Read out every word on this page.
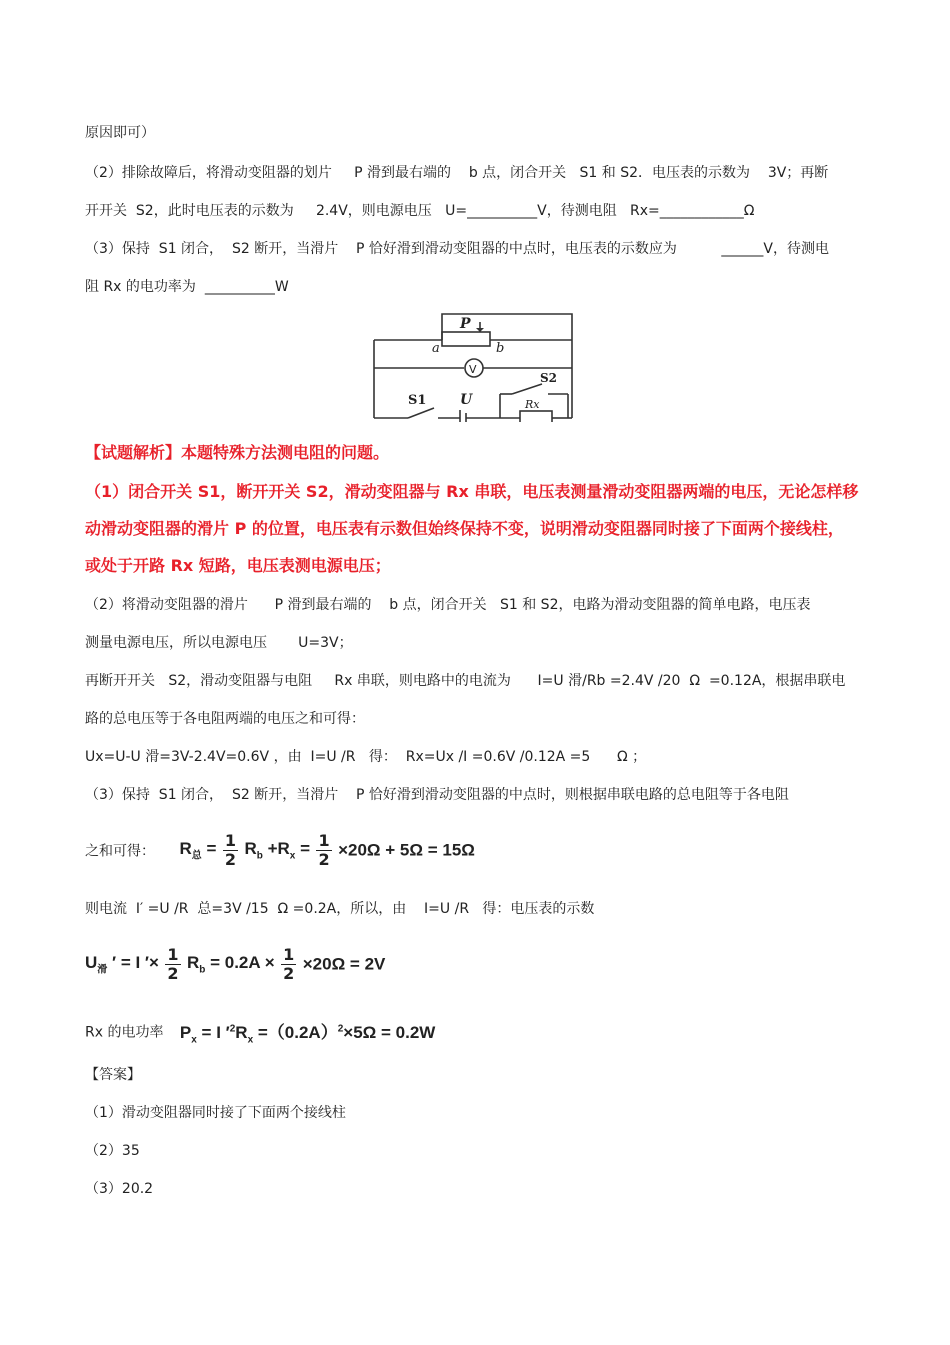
原因即可）
（2）排除故障后，将滑动变阻器的划片     P 滑到最右端的    b 点，闭合开关   S1 和 S2．电压表的示数为    3V；再断
开开关  S2，此时电压表的示数为     2.4V，则电源电压   U=__________V，待测电阻   Rx=____________Ω
（3）保持  S1 闭合，  S2 断开，当滑片    P 恰好滑到滑动变阻器的中点时，电压表的示数应为          ______V，待测电
阻 Rx 的电功率为  __________W
P
a	b
V
S1 U
S2
Rx
【试题解析】本题特殊方法测电阻的问题。
（1）闭合开关 S1，断开开关 S2，滑动变阻器与 Rx 串联，电压表测量滑动变阻器两端的电压，无论怎样移
动滑动变阻器的滑片 P 的位置，电压表有示数但始终保持不变，说明滑动变阻器同时接了下面两个接线柱，
或处于开路 Rx 短路，电压表测电源电压；
（2）将滑动变阻器的滑片      P 滑到最右端的    b 点，闭合开关   S1 和 S2，电路为滑动变阻器的简单电路，电压表
测量电源电压，所以电源电压       U=3V；
再断开开关   S2，滑动变阻器与电阻     Rx 串联，则电路中的电流为      I=U 滑/Rb =2.4V /20  Ω  =0.12A，根据串联电
路的总电压等于各电阻两端的电压之和可得：
Ux=U-U 滑=3V-2.4V=0.6V ，由  I=U /R   得：  Rx=Ux /I =0.6V /0.12A =5      Ω ；
（3）保持  S1 闭合，  S2 断开，当滑片    P 恰好滑到滑动变阻器的中点时，则根据串联电路的总电阻等于各电阻
之和可得： $R_总 = \frac{1}{2} R_b +R_x = \frac{1}{2} \times 20\Omega + 5\Omega = 15\Omega$
则电流  I′ =U /R  总=3V /15  Ω =0.2A，所以，由    I=U /R   得：电压表的示数
$U_滑$ ′ = I ′× $\frac{1}{2} R_b = 0.2A \times \frac{1}{2} \times 20\Omega = 2V$
Rx 的电功率 $P_x = I$ $'^2R_x =(0.2A)^2\times 5\Omega = 0.2W$
【答案】
（1）滑动变阻器同时接了下面两个接线柱
（2）35
（3）20.2
